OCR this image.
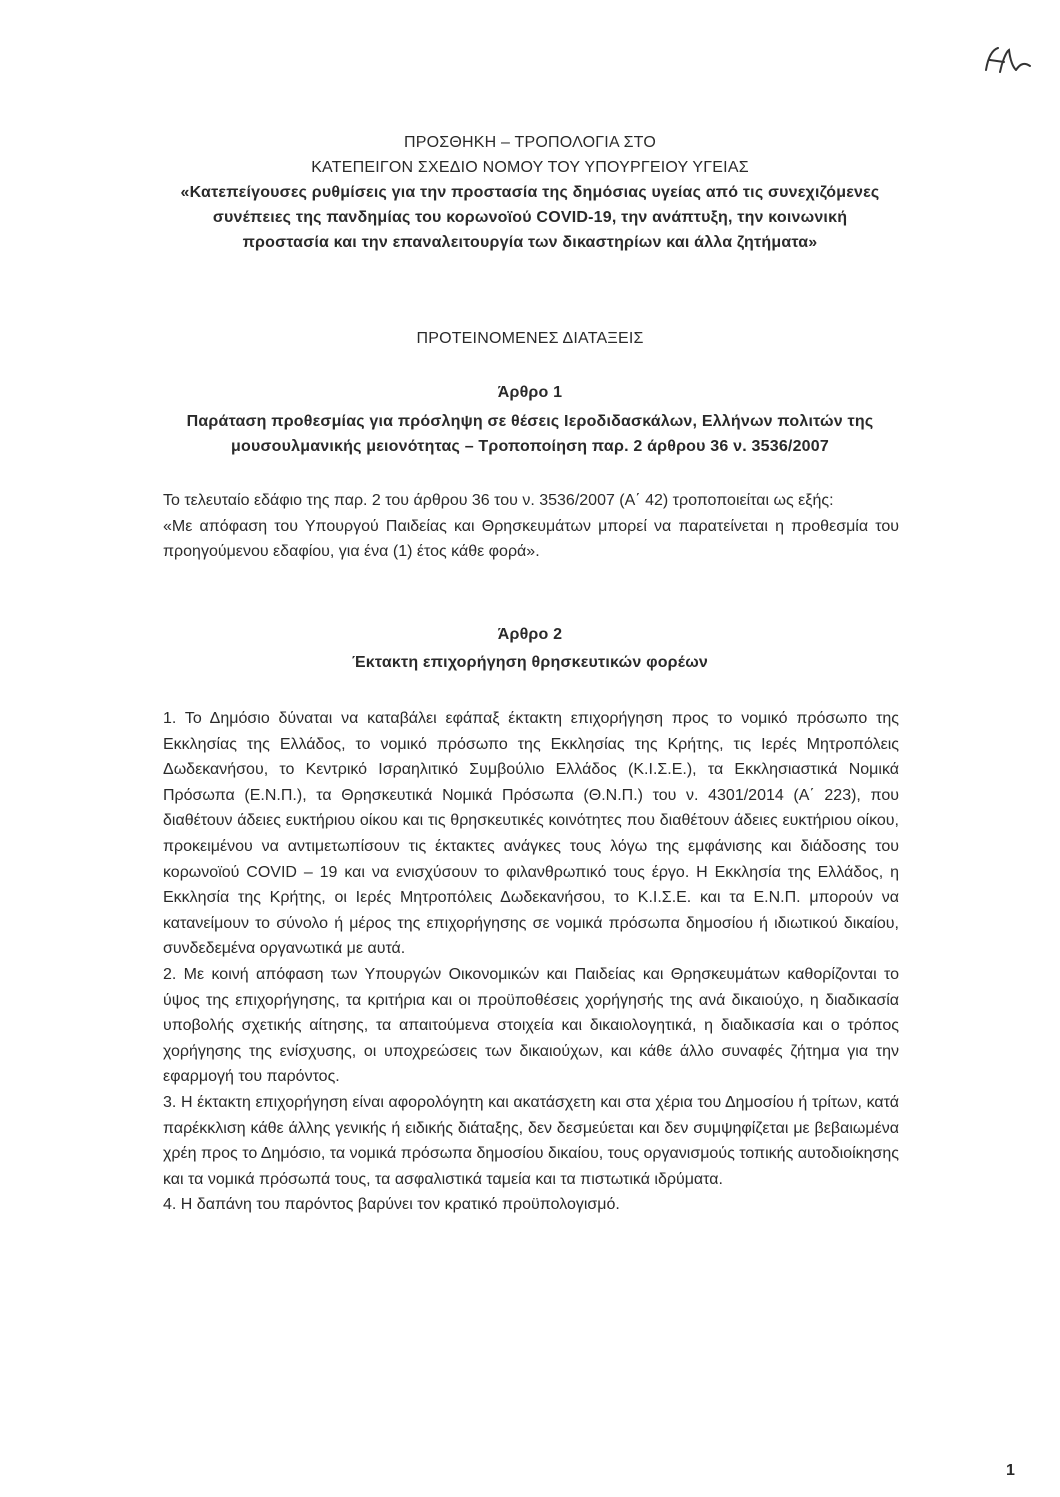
ΠΡΟΣΘΗΚΗ – ΤΡΟΠΟΛΟΓΙΑ ΣΤΟ
ΚΑΤΕΠΕΙΓΟΝ ΣΧΕΔΙΟ ΝΟΜΟΥ ΤΟΥ ΥΠΟΥΡΓΕΙΟΥ ΥΓΕΙΑΣ
«Κατεπείγουσες ρυθμίσεις για την προστασία της δημόσιας υγείας από τις συνεχιζόμενες
συνέπειες της πανδημίας του κορωνοϊού COVID-19, την ανάπτυξη, την κοινωνική
προστασία και την επαναλειτουργία των δικαστηρίων και άλλα ζητήματα»
ΠΡΟΤΕΙΝΟΜΕΝΕΣ ΔΙΑΤΑΞΕΙΣ
Άρθρο 1
Παράταση προθεσμίας για πρόσληψη σε θέσεις Ιεροδιδασκάλων, Ελλήνων πολιτών της
μουσουλμανικής μειονότητας – Τροποποίηση παρ. 2 άρθρου 36 ν. 3536/2007

Το τελευταίο εδάφιο της παρ. 2 του άρθρου 36 του ν. 3536/2007 (Α΄ 42) τροποποιείται ως εξής:

«Με απόφαση του Υπουργού Παιδείας και Θρησκευμάτων μπορεί να παρατείνεται η προθεσμία του προηγούμενου εδαφίου, για ένα (1) έτος κάθε φορά».

Άρθρο 2
Έκτακτη επιχορήγηση θρησκευτικών φορέων

1. Το Δημόσιο δύναται να καταβάλει εφάπαξ έκτακτη επιχορήγηση προς το νομικό πρόσωπο της Εκκλησίας της Ελλάδος, το νομικό πρόσωπο της Εκκλησίας της Κρήτης, τις Ιερές Μητροπόλεις Δωδεκανήσου, το Κεντρικό Ισραηλιτικό Συμβούλιο Ελλάδος (Κ.Ι.Σ.Ε.), τα Εκκλησιαστικά Νομικά Πρόσωπα (Ε.Ν.Π.), τα Θρησκευτικά Νομικά Πρόσωπα (Θ.Ν.Π.) του ν. 4301/2014 (Α΄ 223), που διαθέτουν άδειες ευκτήριου οίκου και τις θρησκευτικές κοινότητες που διαθέτουν άδειες ευκτήριου οίκου, προκειμένου να αντιμετωπίσουν τις έκτακτες ανάγκες τους λόγω της εμφάνισης και διάδοσης του κορωνοϊού COVID – 19 και να ενισχύσουν το φιλανθρωπικό τους έργο. Η Εκκλησία της Ελλάδος, η Εκκλησία της Κρήτης, οι Ιερές Μητροπόλεις Δωδεκανήσου, το Κ.Ι.Σ.Ε. και τα Ε.Ν.Π. μπορούν να κατανείμουν το σύνολο ή μέρος της επιχορήγησης σε νομικά πρόσωπα δημοσίου ή ιδιωτικού δικαίου, συνδεδεμένα οργανωτικά με αυτά.

2. Με κοινή απόφαση των Υπουργών Οικονομικών και Παιδείας και Θρησκευμάτων καθορίζονται το ύψος της επιχορήγησης, τα κριτήρια και οι προϋποθέσεις χορήγησής της ανά δικαιούχο, η διαδικασία υποβολής σχετικής αίτησης, τα απαιτούμενα στοιχεία και δικαιολογητικά, η διαδικασία και ο τρόπος χορήγησης της ενίσχυσης, οι υποχρεώσεις των δικαιούχων, και κάθε άλλο συναφές ζήτημα για την εφαρμογή του παρόντος.

3. Η έκτακτη επιχορήγηση είναι αφορολόγητη και ακατάσχετη και στα χέρια του Δημοσίου ή τρίτων, κατά παρέκκλιση κάθε άλλης γενικής ή ειδικής διάταξης, δεν δεσμεύεται και δεν συμψηφίζεται με βεβαιωμένα χρέη προς το Δημόσιο, τα νομικά πρόσωπα δημοσίου δικαίου, τους οργανισμούς τοπικής αυτοδιοίκησης και τα νομικά πρόσωπά τους, τα ασφαλιστικά ταμεία και τα πιστωτικά ιδρύματα.

4. Η δαπάνη του παρόντος βαρύνει τον κρατικό προϋπολογισμό.

1
